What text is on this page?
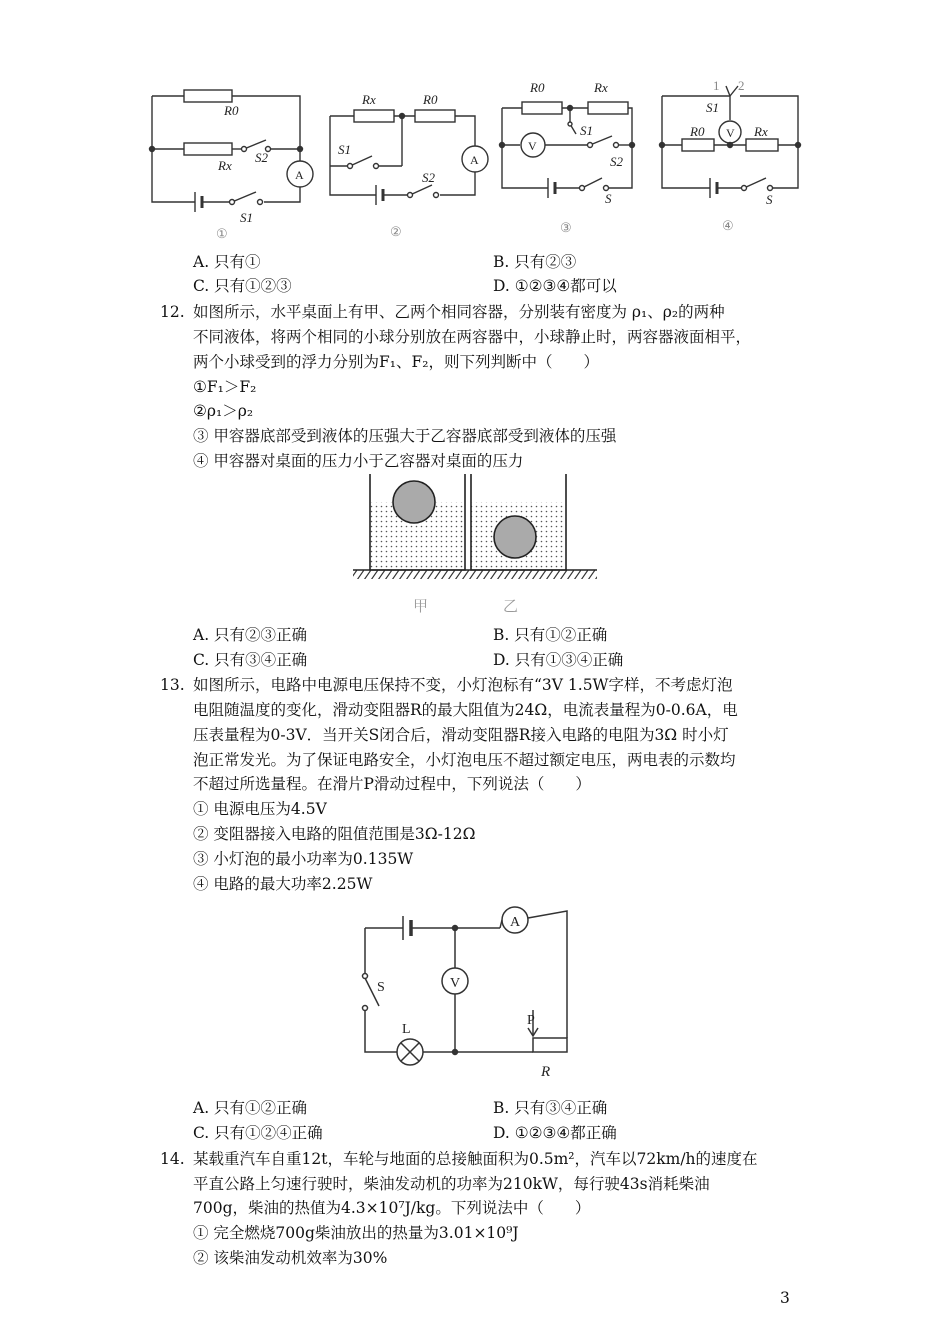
R0
Rx
S2
A
S1
①
Rx	R0
S1
S2
A
②
R0	Rx
S1
S2
V
S
③
1 2
S1
V
R0	Rx
S
④
A. 只有①	B. 只有②③
C. 只有①②③	D. ①②③④都可以
12. 如图所示，水平桌面上有甲、乙两个相同容器，分别装有密度为 ρ₁、ρ₂的两种
不同液体，将两个相同的小球分别放在两容器中，小球静止时，两容器液面相平，
两个小球受到的浮力分别为F₁、F₂，则下列判断中（　　）
①F₁＞F₂
②ρ₁＞ρ₂
③ 甲容器底部受到液体的压强大于乙容器底部受到液体的压强
④ 甲容器对桌面的压力小于乙容器对桌面的压力
甲	乙
A. 只有②③正确	B. 只有①②正确
C. 只有③④正确	D. 只有①③④正确
13. 如图所示，电路中电源电压保持不变，小灯泡标有“3V 1.5W字样，不考虑灯泡
电阻随温度的变化，滑动变阻器R的最大阻值为24Ω，电流表量程为0-0.6A，电
压表量程为0-3V．当开关S闭合后，滑动变阻器R接入电路的电阻为3Ω 时小灯
泡正常发光。为了保证电路安全，小灯泡电压不超过额定电压，两电表的示数均
不超过所选量程。在滑片P滑动过程中，下列说法（　　）
① 电源电压为4.5V
② 变阻器接入电路的阻值范围是3Ω-12Ω
③ 小灯泡的最小功率为0.135W
④ 电路的最大功率2.25W
A
V
S
L
P
R
A. 只有①②正确	B. 只有③④正确
C. 只有①②④正确	D. ①②③④都正确
14. 某载重汽车自重12t，车轮与地面的总接触面积为0.5m²，汽车以72km/h的速度在
平直公路上匀速行驶时，柴油发动机的功率为210kW，每行驶43s消耗柴油
700g，柴油的热值为4.3×10⁷J/kg。下列说法中（　　）
① 完全燃烧700g柴油放出的热量为3.01×10⁹J
② 该柴油发动机效率为30%
3
